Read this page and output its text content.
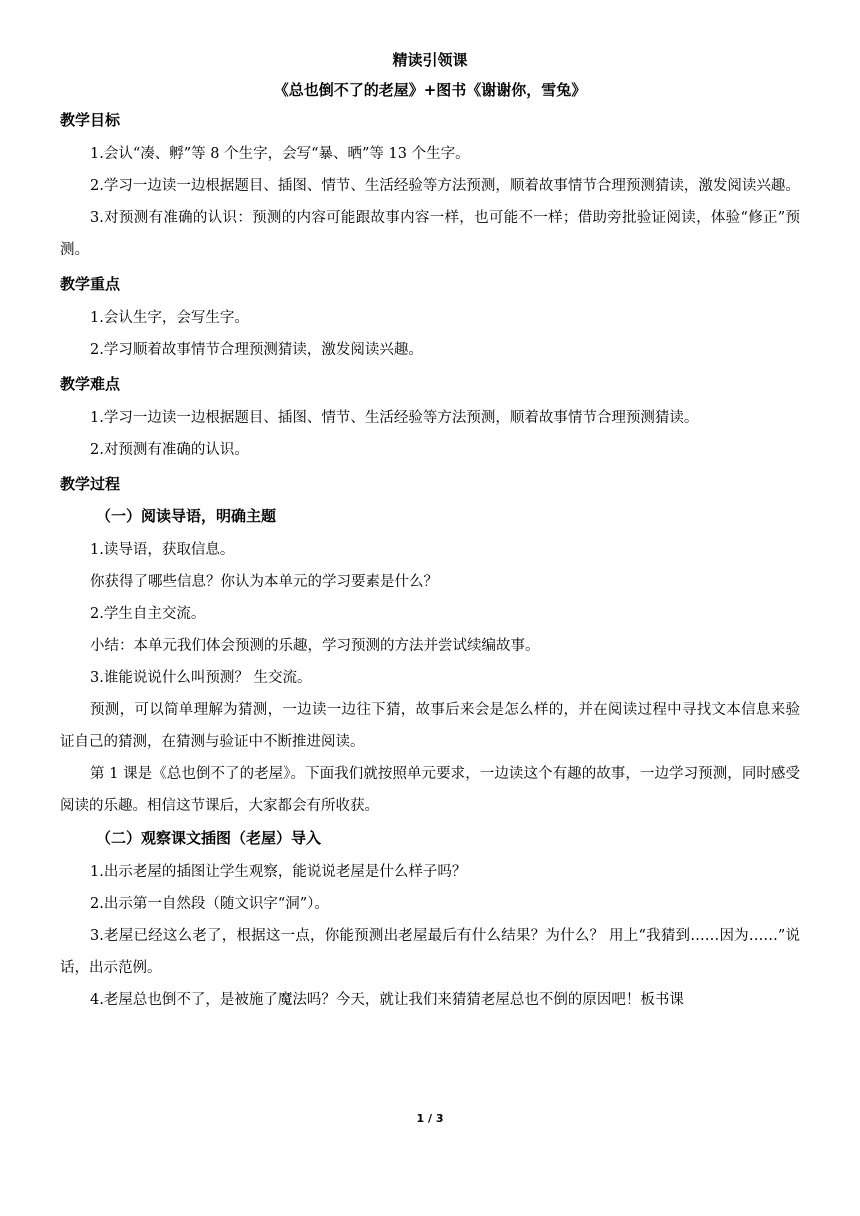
精读引领课

《总也倒不了的老屋》+图书《谢谢你，雪兔》

教学目标

1.会认“凑、孵”等 8 个生字，会写“暴、晒”等 13 个生字。

2.学习一边读一边根据题目、插图、情节、生活经验等方法预测，顺着故事情节合理预测猜读，激发阅读兴趣。

3.对预测有准确的认识：预测的内容可能跟故事内容一样，也可能不一样；借助旁批验证阅读，体验“修正”预测。

教学重点

1.会认生字，会写生字。

2.学习顺着故事情节合理预测猜读，激发阅读兴趣。

教学难点

1.学习一边读一边根据题目、插图、情节、生活经验等方法预测，顺着故事情节合理预测猜读。

2.对预测有准确的认识。

教学过程
（一）阅读导语，明确主题

1.读导语，获取信息。

你获得了哪些信息？你认为本单元的学习要素是什么？

2.学生自主交流。

小结：本单元我们体会预测的乐趣，学习预测的方法并尝试续编故事。

3.谁能说说什么叫预测？ 生交流。

预测，可以简单理解为猜测，一边读一边往下猜，故事后来会是怎么样的，并在阅读过程中寻找文本信息来验证自己的猜测，在猜测与验证中不断推进阅读。

第 1 课是《总也倒不了的老屋》。下面我们就按照单元要求，一边读这个有趣的故事，一边学习预测，同时感受阅读的乐趣。相信这节课后，大家都会有所收获。

（二）观察课文插图（老屋）导入

1.出示老屋的插图让学生观察，能说说老屋是什么样子吗？

2.出示第一自然段（随文识字“洞”）。

3.老屋已经这么老了，根据这一点，你能预测出老屋最后有什么结果？为什么？ 用上“我猜到……因为……”说话，出示范例。

4.老屋总也倒不了，是被施了魔法吗？今天，就让我们来猜猜老屋总也不倒的原因吧！板书课

1 / 3
